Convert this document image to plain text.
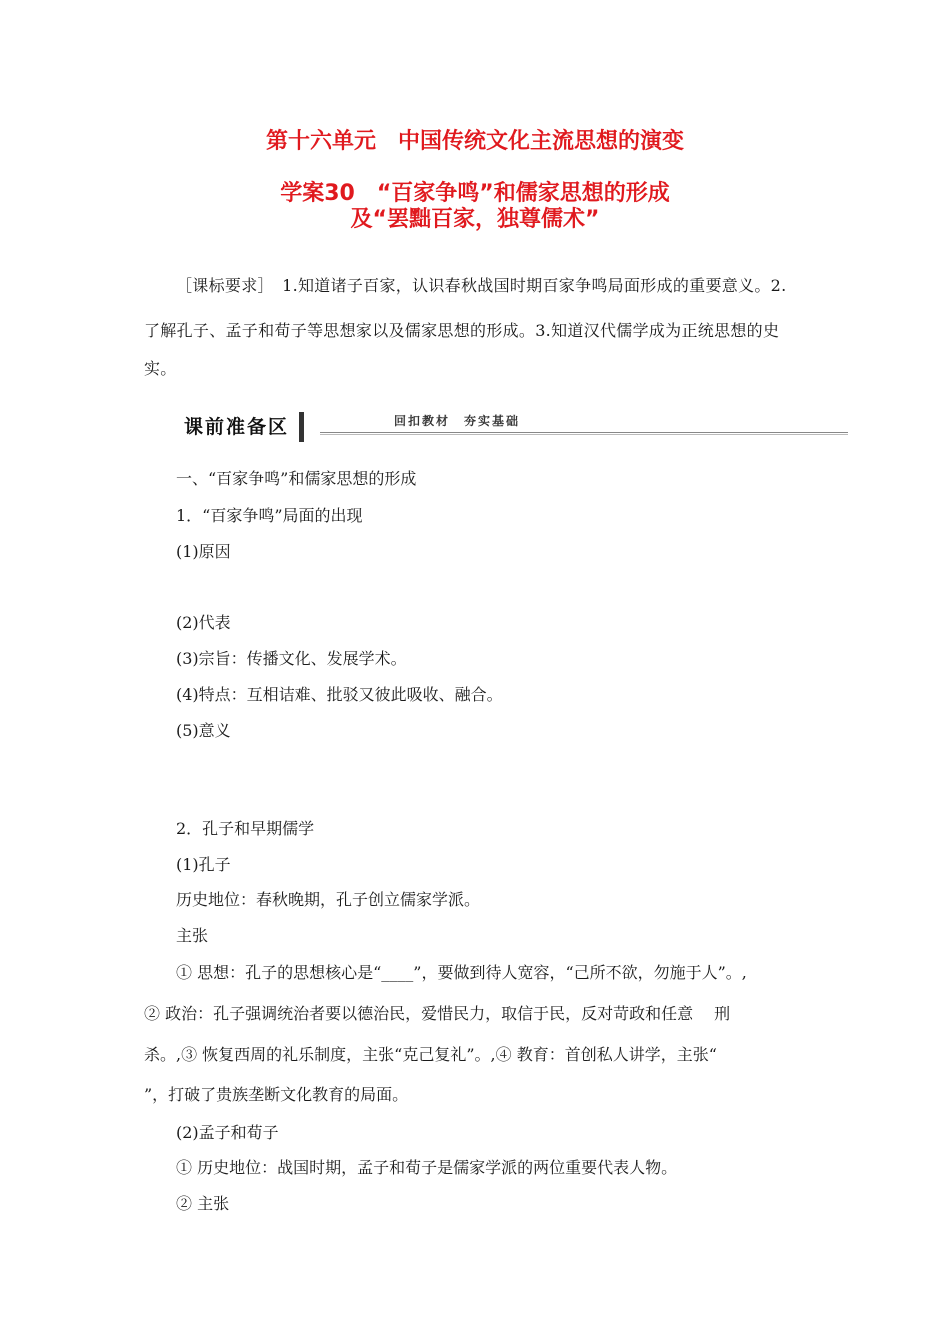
第十六单元　中国传统文化主流思想的演变
学案30　“百家争鸣”和儒家思想的形成
及“罢黜百家，独尊儒术”
［课标要求］　1.知道诸子百家，认识春秋战国时期百家争鸣局面形成的重要意义。2.
了解孔子、孟子和荀子等思想家以及儒家思想的形成。3.知道汉代儒学成为正统思想的史
实。
课前准备区	回扣教材　夯实基础
一、“百家争鸣”和儒家思想的形成
1．“百家争鸣”局面的出现
(1)原因
(2)代表
(3)宗旨：传播文化、发展学术。
(4)特点：互相诘难、批驳又彼此吸收、融合。
(5)意义
2．孔子和早期儒学
(1)孔子
历史地位：春秋晚期，孔子创立儒家学派。
主张
① 思想：孔子的思想核心是“____”，要做到待人宽容，“己所不欲，勿施于人”。,
② 政治：孔子强调统治者要以德治民，爱惜民力，取信于民，反对苛政和任意　 刑
杀。,③ 恢复西周的礼乐制度，主张“克己复礼”。,④ 教育：首创私人讲学，主张“
”，打破了贵族垄断文化教育的局面。
(2)孟子和荀子
① 历史地位：战国时期，孟子和荀子是儒家学派的两位重要代表人物。
② 主张
